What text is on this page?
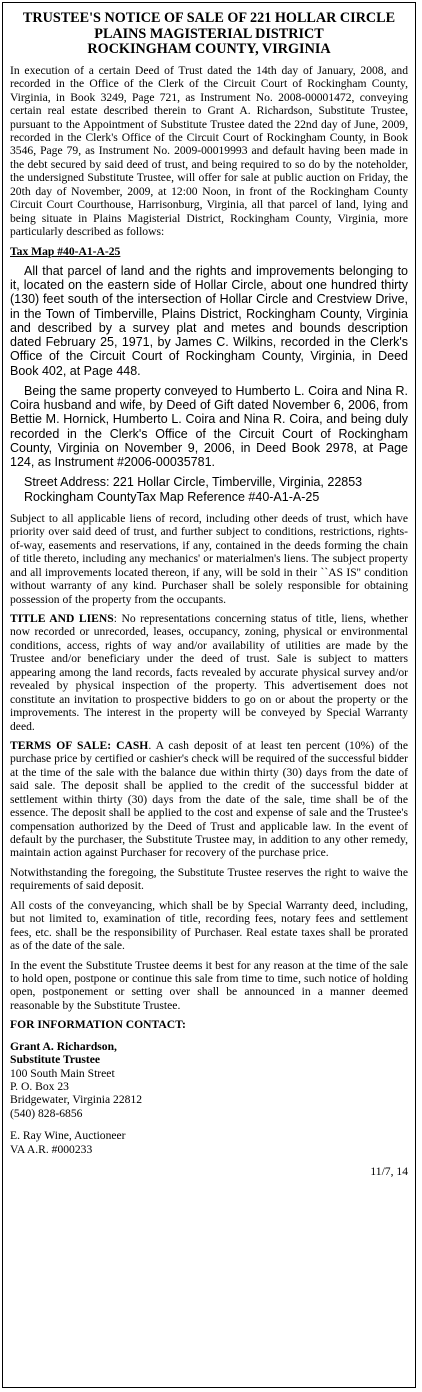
TRUSTEE'S NOTICE OF SALE OF 221 HOLLAR CIRCLE
PLAINS MAGISTERIAL DISTRICT
ROCKINGHAM COUNTY, VIRGINIA

In execution of a certain Deed of Trust dated the 14th day of January, 2008, and recorded in the Office of the Clerk of the Circuit Court of Rockingham County, Virginia, in Book 3249, Page 721, as Instrument No. 2008-00001472, conveying certain real estate described therein to Grant A. Richardson, Substitute Trustee, pursuant to the Appointment of Substitute Trustee dated the 22nd day of June, 2009, recorded in the Clerk's Office of the Circuit Court of Rockingham County, in Book 3546, Page 79, as Instrument No. 2009-00019993 and default having been made in the debt secured by said deed of trust, and being required to so do by the noteholder, the undersigned Substitute Trustee, will offer for sale at public auction on Friday, the 20th day of November, 2009, at 12:00 Noon, in front of the Rockingham County Circuit Court Courthouse, Harrisonburg, Virginia, all that parcel of land, lying and being situate in Plains Magisterial District, Rockingham County, Virginia, more particularly described as follows:

Tax Map #40-A1-A-25

All that parcel of land and the rights and improvements belonging to it, located on the eastern side of Hollar Circle, about one hundred thirty (130) feet south of the intersection of Hollar Circle and Crestview Drive, in the Town of Timberville, Plains District, Rockingham County, Virginia and described by a survey plat and metes and bounds description dated February 25, 1971, by James C. Wilkins, recorded in the Clerk's Office of the Circuit Court of Rockingham County, Virginia, in Deed Book 402, at Page 448.

Being the same property conveyed to Humberto L. Coira and Nina R. Coira husband and wife, by Deed of Gift dated November 6, 2006, from Bettie M. Hornick, Humberto L. Coira and Nina R. Coira, and being duly recorded in the Clerk's Office of the Circuit Court of Rockingham County, Virginia on November 9, 2006, in Deed Book 2978, at Page 124, as Instrument #2006-00035781.

Street Address: 221 Hollar Circle, Timberville, Virginia, 22853
Rockingham CountyTax Map Reference #40-A1-A-25

Subject to all applicable liens of record, including other deeds of trust, which have priority over said deed of trust, and further subject to conditions, restrictions, rights-of-way, easements and reservations, if any, contained in the deeds forming the chain of title thereto, including any mechanics' or materialmen's liens. The subject property and all improvements located thereon, if any, will be sold in their ``AS IS'' condition without warranty of any kind. Purchaser shall be solely responsible for obtaining possession of the property from the occupants.

TITLE AND LIENS: No representations concerning status of title, liens, whether now recorded or unrecorded, leases, occupancy, zoning, physical or environmental conditions, access, rights of way and/or availability of utilities are made by the Trustee and/or beneficiary under the deed of trust. Sale is subject to matters appearing among the land records, facts revealed by accurate physical survey and/or revealed by physical inspection of the property. This advertisement does not constitute an invitation to prospective bidders to go on or about the property or the improvements. The interest in the property will be conveyed by Special Warranty deed.

TERMS OF SALE: CASH. A cash deposit of at least ten percent (10%) of the purchase price by certified or cashier's check will be required of the successful bidder at the time of the sale with the balance due within thirty (30) days from the date of said sale. The deposit shall be applied to the credit of the successful bidder at settlement within thirty (30) days from the date of the sale, time shall be of the essence. The deposit shall be applied to the cost and expense of sale and the Trustee's compensation authorized by the Deed of Trust and applicable law. In the event of default by the purchaser, the Substitute Trustee may, in addition to any other remedy, maintain action against Purchaser for recovery of the purchase price.

Notwithstanding the foregoing, the Substitute Trustee reserves the right to waive the requirements of said deposit.

All costs of the conveyancing, which shall be by Special Warranty deed, including, but not limited to, examination of title, recording fees, notary fees and settlement fees, etc. shall be the responsibility of Purchaser. Real estate taxes shall be prorated as of the date of the sale.

In the event the Substitute Trustee deems it best for any reason at the time of the sale to hold open, postpone or continue this sale from time to time, such notice of holding open, postponement or setting over shall be announced in a manner deemed reasonable by the Substitute Trustee.

FOR INFORMATION CONTACT:
Grant A. Richardson,
Substitute Trustee
100 South Main Street
P. O. Box 23
Bridgewater, Virginia 22812
(540) 828-6856
E. Ray Wine, Auctioneer
VA A.R. #000233
11/7, 14
